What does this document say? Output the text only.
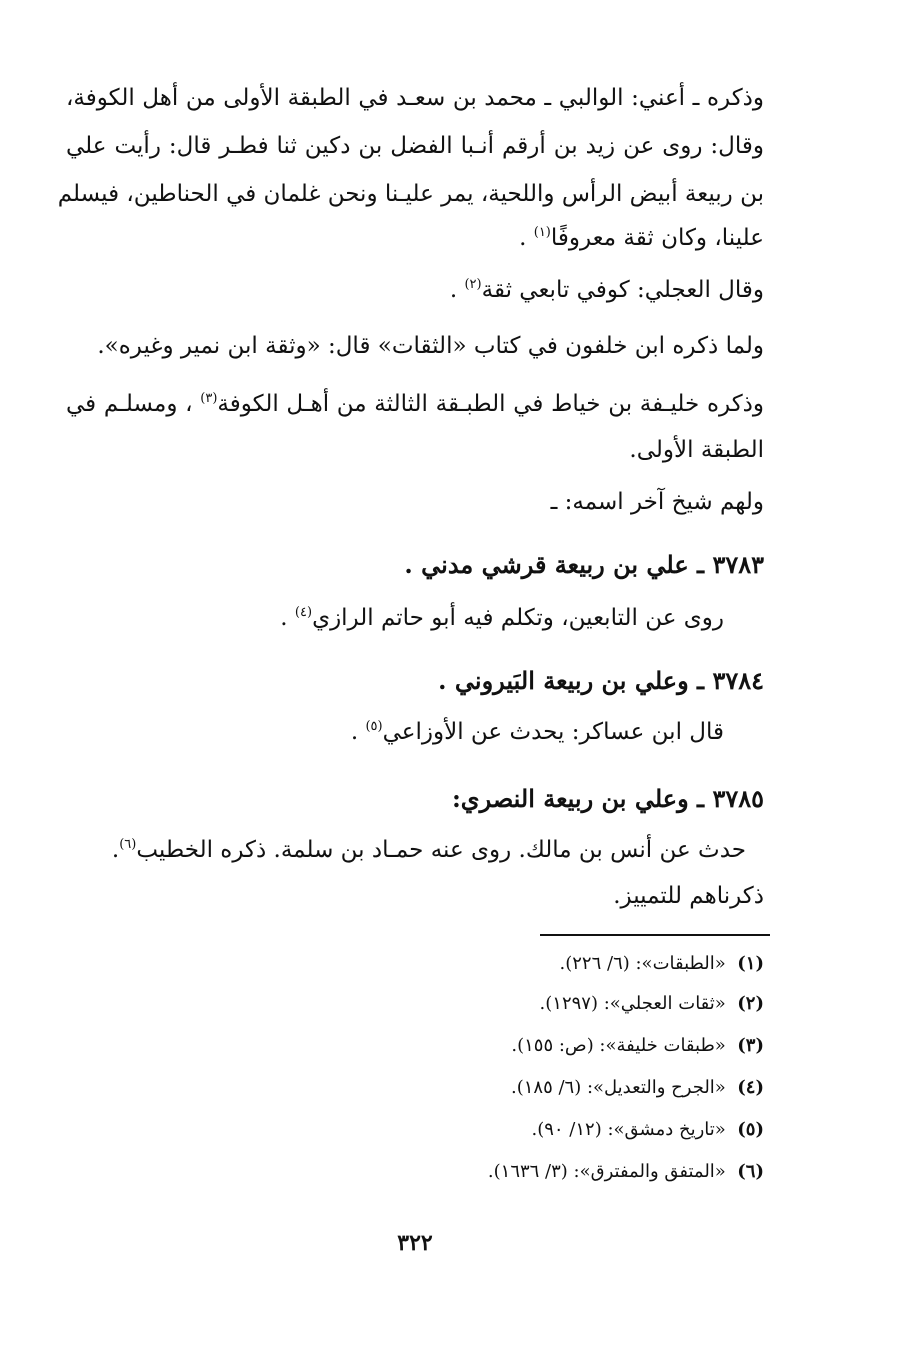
وذكره ـ أعني: الوالبي ـ محمد بن سعـد في الطبقة الأولى من أهل الكوفة،
وقال: روى عن زيد بن أرقم أنـبا الفضل بن دكين ثنا فطـر قال: رأيت علي
بن ربيعة أبيض الرأس واللحية، يمر عليـنا ونحن غلمان في الحناطين، فيسلم
علينا، وكان ثقة معروفًا$^{(١)}$ .
وقال العجلي: كوفي تابعي ثقة$^{(٢)}$ .
ولما ذكره ابن خلفون في كتاب «الثقات» قال: «وثقة ابن نمير وغيره».
وذكره خليـفة بن خياط في الطبـقة الثالثة من أهـل الكوفة$^{(٣)}$ ، ومسلـم في
الطبقة الأولى.
ولهم شيخ آخر اسمه: ـ
٣٧٨٣ ـ علي بن ربيعة قرشي مدني .
روى عن التابعين، وتكلم فيه أبو حاتم الرازي$^{(٤)}$ .
٣٧٨٤ ـ وعلي بن ربيعة البَيروني .
قال ابن عساكر: يحدث عن الأوزاعي$^{(٥)}$ .
٣٧٨٥ ـ وعلي بن ربيعة النصري:
حدث عن أنس بن مالك. روى عنه حمـاد بن سلمة. ذكره الخطيب$^{(٦)}$.
ذكرناهم للتمييز.
(١)  «الطبقات»: (٦/ ٢٢٦).
(٢)  «ثقات العجلي»: (١٢٩٧).
(٣)  «طبقات خليفة»: (ص: ١٥٥).
(٤)  «الجرح والتعديل»: (٦/ ١٨٥).
(٥)  «تاريخ دمشق»: (١٢/ ٩٠).
(٦)  «المتفق والمفترق»: (٣/ ١٦٣٦).
٣٢٢
